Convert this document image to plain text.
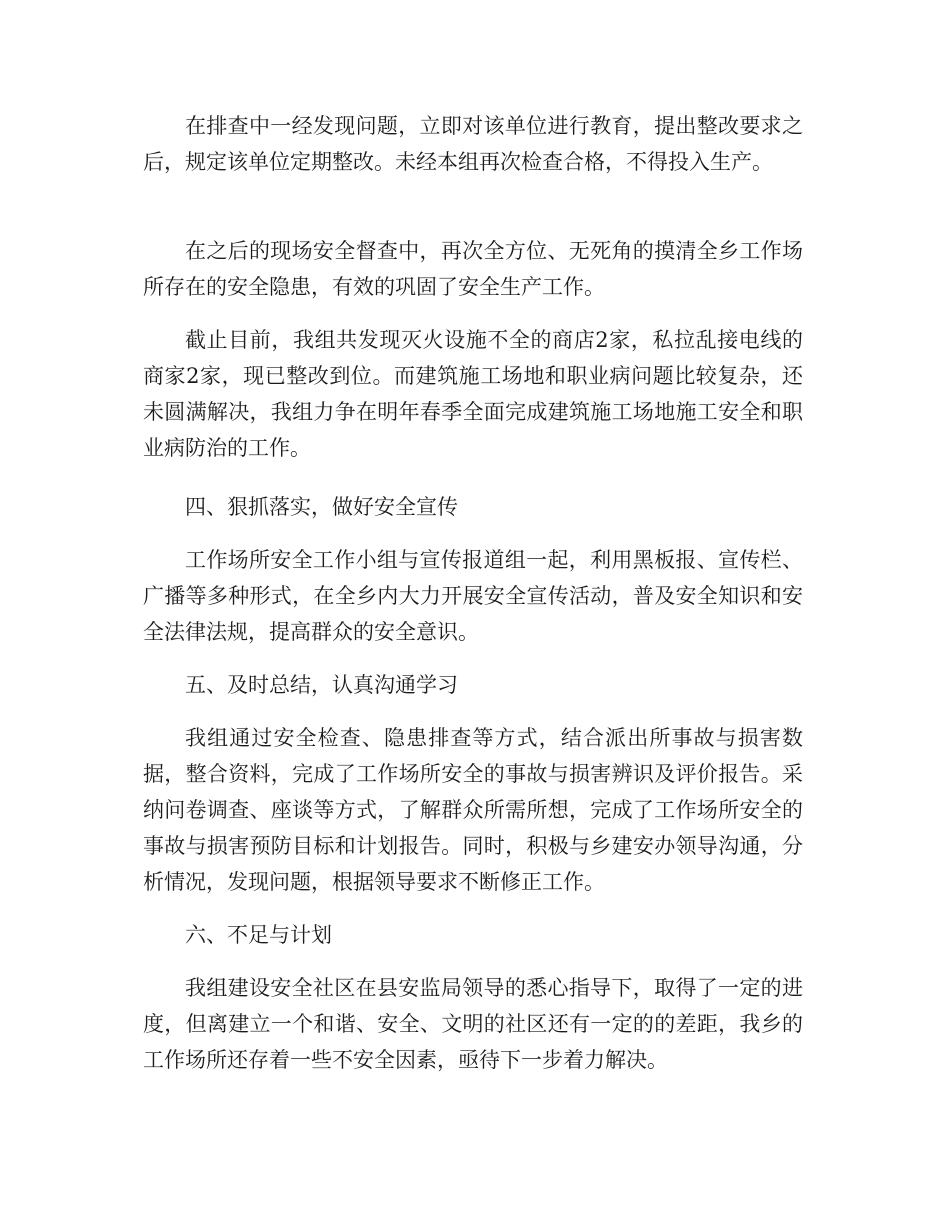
在排查中一经发现问题，立即对该单位进行教育，提出整改要求之后，规定该单位定期整改。未经本组再次检查合格，不得投入生产。

在之后的现场安全督查中，再次全方位、无死角的摸清全乡工作场所存在的安全隐患，有效的巩固了安全生产工作。

截止目前，我组共发现灭火设施不全的商店2家，私拉乱接电线的商家2家，现已整改到位。而建筑施工场地和职业病问题比较复杂，还未圆满解决，我组力争在明年春季全面完成建筑施工场地施工安全和职业病防治的工作。

四、狠抓落实，做好安全宣传

工作场所安全工作小组与宣传报道组一起，利用黑板报、宣传栏、广播等多种形式，在全乡内大力开展安全宣传活动，普及安全知识和安全法律法规，提高群众的安全意识。

五、及时总结，认真沟通学习

我组通过安全检查、隐患排查等方式，结合派出所事故与损害数据，整合资料，完成了工作场所安全的事故与损害辨识及评价报告。采纳问卷调查、座谈等方式，了解群众所需所想，完成了工作场所安全的事故与损害预防目标和计划报告。同时，积极与乡建安办领导沟通，分析情况，发现问题，根据领导要求不断修正工作。

六、不足与计划

我组建设安全社区在县安监局领导的悉心指导下，取得了一定的进度，但离建立一个和谐、安全、文明的社区还有一定的的差距，我乡的工作场所还存着一些不安全因素，亟待下一步着力解决。
